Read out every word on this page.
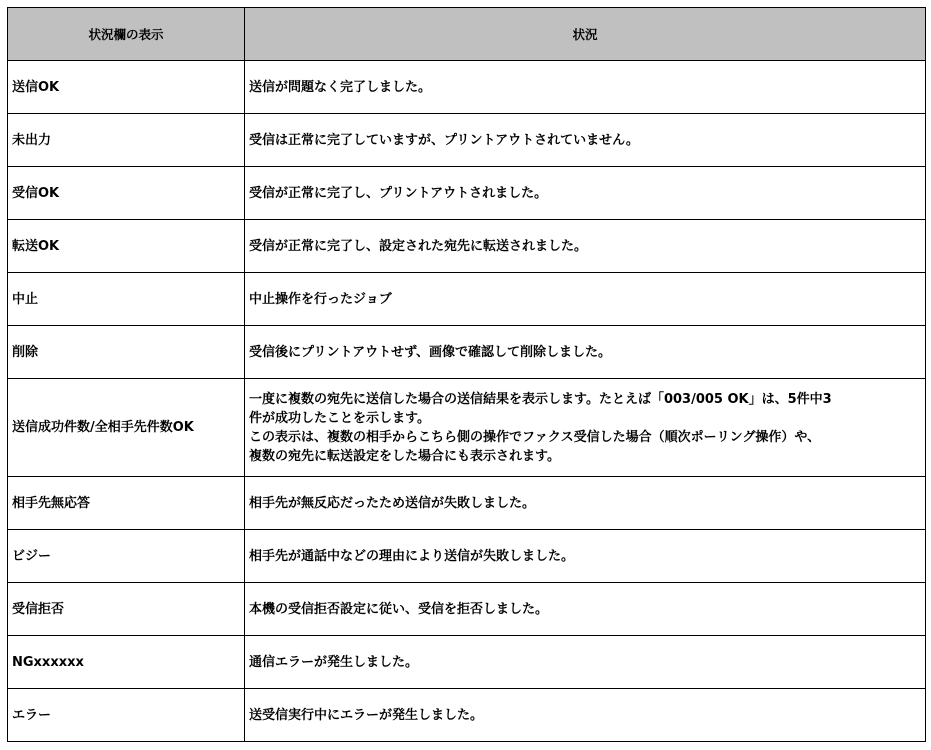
状況欄の表示	状況
送信OK	送信が問題なく完了しました。

未出力	受信は正常に完了していますが、プリントアウトされていません。

受信OK	受信が正常に完了し、プリントアウトされました。

転送OK	受信が正常に完了し、設定された宛先に転送されました。

中止	中止操作を行ったジョブ

削除	受信後にプリントアウトせず、画像で確認して削除しました。

送信成功件数/全相手先件数OK	一度に複数の宛先に送信した場合の送信結果を表示します。たとえば「003/005 OK」は、5件中3
件が成功したことを示します。
この表示は、複数の相手からこちら側の操作でファクス受信した場合（順次ポーリング操作）や、
複数の宛先に転送設定をした場合にも表示されます。

相手先無応答	相手先が無反応だったため送信が失敗しました。

ビジー	相手先が通話中などの理由により送信が失敗しました。

受信拒否	本機の受信拒否設定に従い、受信を拒否しました。

NGxxxxxx	通信エラーが発生しました。

エラー	送受信実行中にエラーが発生しました。
